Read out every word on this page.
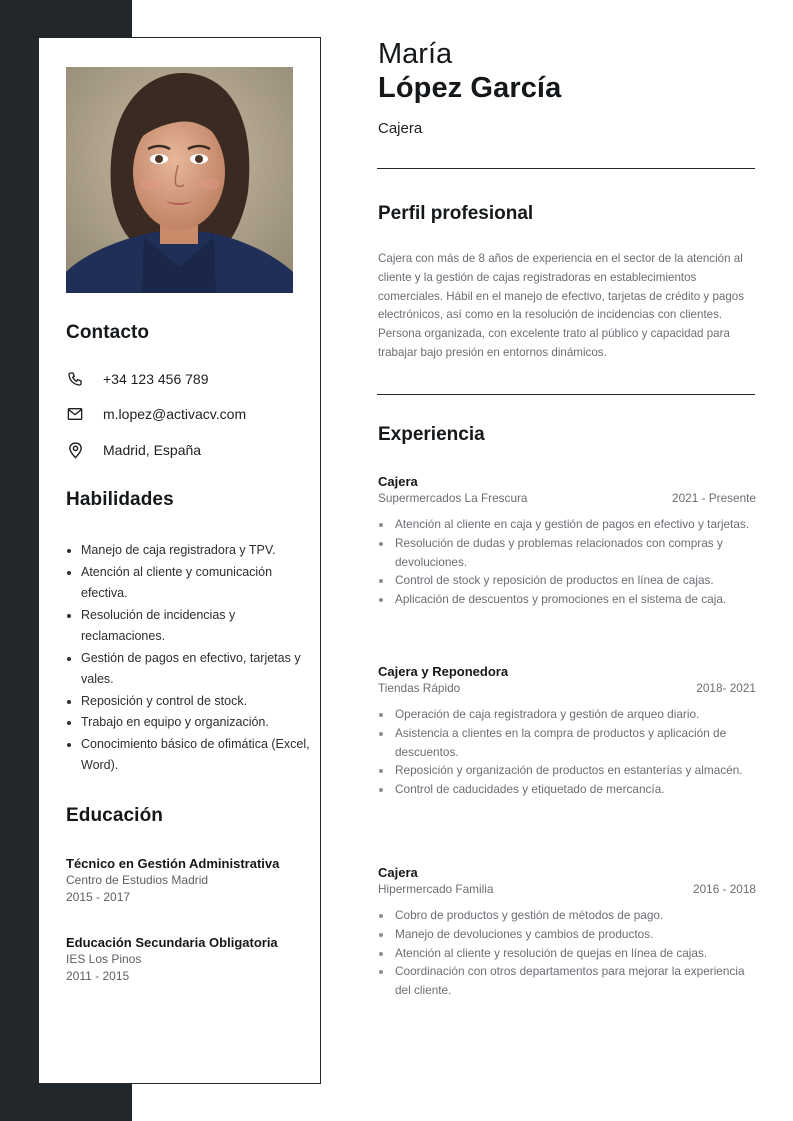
Contacto
+34 123 456 789
m.lopez@activacv.com
Madrid, España
Habilidades
Manejo de caja registradora y TPV.
Atención al cliente y comunicación efectiva.
Resolución de incidencias y reclamaciones.
Gestión de pagos en efectivo, tarjetas y vales.
Reposición y control de stock.
Trabajo en equipo y organización.
Conocimiento básico de ofimática (Excel, Word).
Educación
Técnico en Gestión Administrativa
Centro de Estudios Madrid
2015 - 2017
Educación Secundaria Obligatoria
IES Los Pinos
2011 - 2015
María
López García
Cajera
Perfil profesional
Cajera con más de 8 años de experiencia en el sector de la atención al cliente y la gestión de cajas registradoras en establecimientos comerciales. Hábil en el manejo de efectivo, tarjetas de crédito y pagos electrónicos, así como en la resolución de incidencias con clientes. Persona organizada, con excelente trato al público y capacidad para trabajar bajo presión en entornos dinámicos.
Experiencia
Cajera
Supermercados La Frescura	2021 - Presente
Atención al cliente en caja y gestión de pagos en efectivo y tarjetas.
Resolución de dudas y problemas relacionados con compras y devoluciones.
Control de stock y reposición de productos en línea de cajas.
Aplicación de descuentos y promociones en el sistema de caja.
Cajera y Reponedora
Tiendas Rápido	2018- 2021
Operación de caja registradora y gestión de arqueo diario.
Asistencia a clientes en la compra de productos y aplicación de descuentos.
Reposición y organización de productos en estanterías y almacén.
Control de caducidades y etiquetado de mercancía.
Cajera
Hipermercado Familia	2016 - 2018
Cobro de productos y gestión de métodos de pago.
Manejo de devoluciones y cambios de productos.
Atención al cliente y resolución de quejas en línea de cajas.
Coordinación con otros departamentos para mejorar la experiencia del cliente.
